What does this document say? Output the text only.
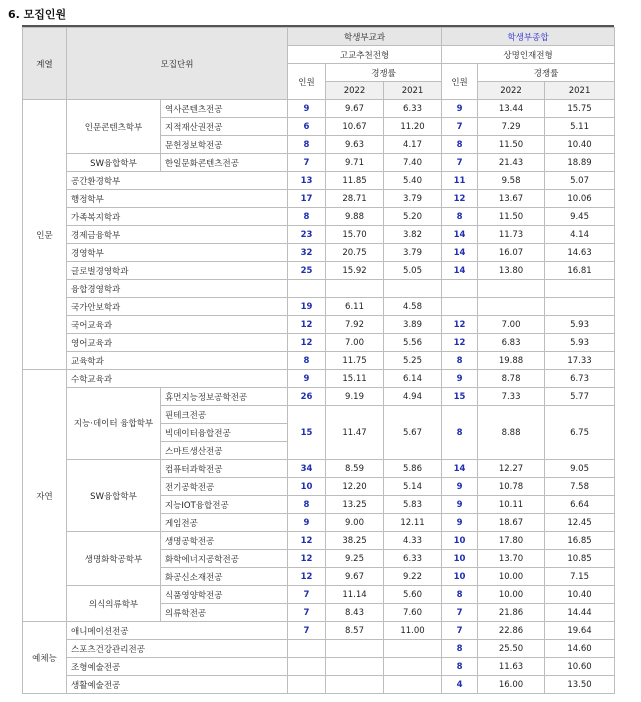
6. 모집인원
계열	모집단위		학생부교과			학생부종합		
			고교추천전형			상명인재전형		
			인원	경쟁률		인원	경쟁률	
				2022	2021		2022	2021
인문	인문콘텐츠학부	역사콘텐츠전공	9	9.67	6.33	9	13.44	15.75
		지적재산권전공	6	10.67	11.20	7	7.29	5.11
		문헌정보학전공	8	9.63	4.17	8	11.50	10.40
	SW융합학부	한일문화콘텐츠전공	7	9.71	7.40	7	21.43	18.89
	공간환경학부		13	11.85	5.40	11	9.58	5.07
	행정학부		17	28.71	3.79	12	13.67	10.06
	가족복지학과		8	9.88	5.20	8	11.50	9.45
	경제금융학부		23	15.70	3.82	14	11.73	4.14
	경영학부		32	20.75	3.79	14	16.07	14.63
	글로벌경영학과		25	15.92	5.05	14	13.80	16.81
	융합경영학과							
	국가안보학과		19	6.11	4.58			
	국어교육과		12	7.92	3.89	12	7.00	5.93
	영어교육과		12	7.00	5.56	12	6.83	5.93
	교육학과		8	11.75	5.25	8	19.88	17.33
자연	수학교육과		9	15.11	6.14	9	8.78	6.73
	지능·데이터 융합학부	휴먼지능정보공학전공	26	9.19	4.94	15	7.33	5.77
		핀테크전공	15	11.47	5.67	8	8.88	6.75
		빅데이터융합전공						
		스마트생산전공						
	SW융합학부	컴퓨터과학전공	34	8.59	5.86	14	12.27	9.05
		전기공학전공	10	12.20	5.14	9	10.78	7.58
		지능IOT융합전공	8	13.25	5.83	9	10.11	6.64
		게임전공	9	9.00	12.11	9	18.67	12.45
	생명화학공학부	생명공학전공	12	38.25	4.33	10	17.80	16.85
		화학에너지공학전공	12	9.25	6.33	10	13.70	10.85
		화공신소재전공	12	9.67	9.22	10	10.00	7.15
	의식의류학부	식품영양학전공	7	11.14	5.60	8	10.00	10.40
		의류학전공	7	8.43	7.60	7	21.86	14.44
예체능	애니메이션전공		7	8.57	11.00	7	22.86	19.64
	스포츠건강관리전공					8	25.50	14.60
	조형예술전공					8	11.63	10.60
	생활예술전공					4	16.00	13.50
